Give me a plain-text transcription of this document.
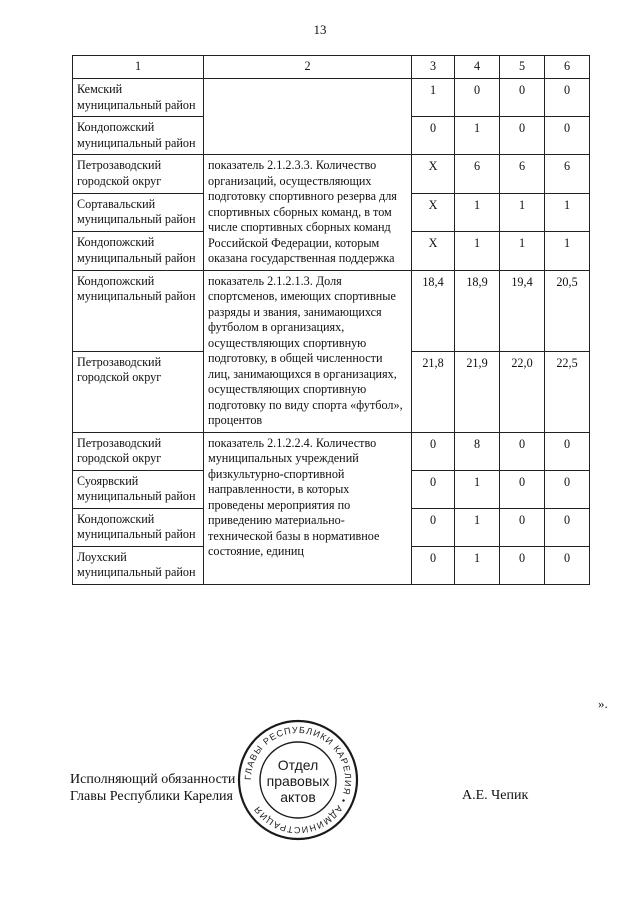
13
1	2	3	4	5	6
Кемский муниципальный район		1	0	0	0
Кондопожский муниципальный район		0	1	0	0
Петрозаводский городской округ	показатель 2.1.2.3.3. Количество организаций, осуществляющих подготовку спортивного резерва для спортивных сборных команд, в том числе спортивных сборных команд Российской Федерации, которым оказана государственная поддержка	Х	6	6	6
Сортавальский муниципальный район		Х	1	1	1
Кондопожский муниципальный район		Х	1	1	1
Кондопожский муниципальный район	показатель 2.1.2.1.3. Доля спортсменов, имеющих спортивные разряды и звания, занимающихся футболом в организациях, осуществляющих спортивную подготовку, в общей численности лиц, занимающихся в организациях, осуществляющих спортивную подготовку по виду спорта «футбол», процентов	18,4	18,9	19,4	20,5
Петрозаводский городской округ		21,8	21,9	22,0	22,5
Петрозаводский городской округ	показатель 2.1.2.2.4. Количество муниципальных учреждений физкультурно-спортивной направленности, в которых проведены мероприятия по приведению материально-технической базы в нормативное состояние, единиц	0	8	0	0
Суоярвский муниципальный район		0	1	0	0
Кондопожский муниципальный район		0	1	0	0
Лоухский муниципальный район		0	1	0	0
».
Исполняющий обязанности
Главы Республики Карелия	А.Е. Чепик
ГЛАВЫ РЕСПУБЛИКИ КАРЕЛИЯ • АДМИНИСТРАЦИЯ
Отдел
правовых
актов
